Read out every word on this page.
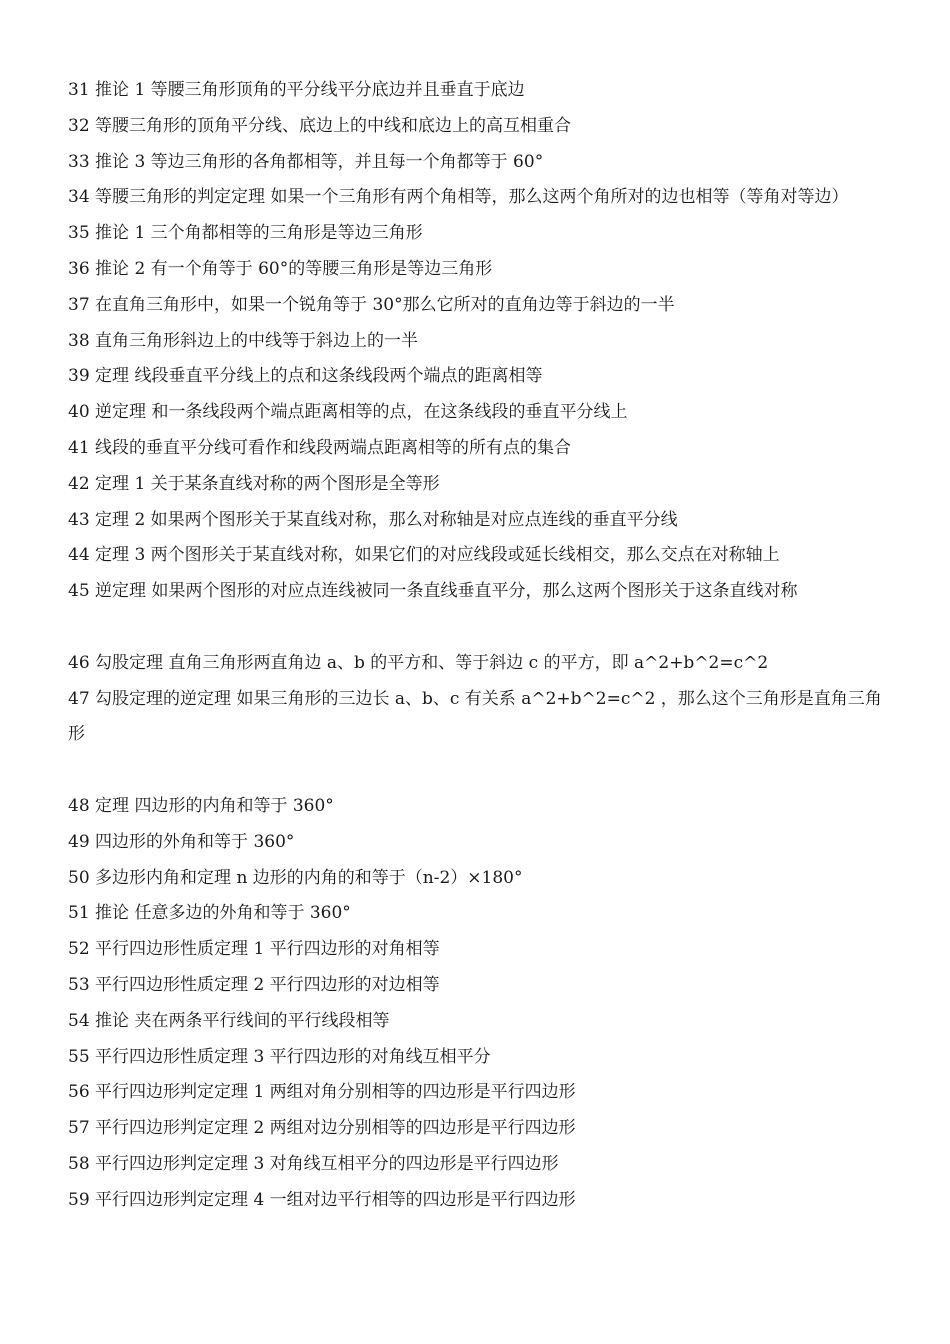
31 推论 1 等腰三角形顶角的平分线平分底边并且垂直于底边
32 等腰三角形的顶角平分线、底边上的中线和底边上的高互相重合
33 推论 3 等边三角形的各角都相等，并且每一个角都等于 60°
34 等腰三角形的判定定理 如果一个三角形有两个角相等，那么这两个角所对的边也相等（等角对等边）
35 推论 1 三个角都相等的三角形是等边三角形
36 推论 2 有一个角等于 60°的等腰三角形是等边三角形
37 在直角三角形中，如果一个锐角等于 30°那么它所对的直角边等于斜边的一半
38 直角三角形斜边上的中线等于斜边上的一半
39 定理 线段垂直平分线上的点和这条线段两个端点的距离相等
40 逆定理 和一条线段两个端点距离相等的点，在这条线段的垂直平分线上
41 线段的垂直平分线可看作和线段两端点距离相等的所有点的集合
42 定理 1 关于某条直线对称的两个图形是全等形
43 定理 2 如果两个图形关于某直线对称，那么对称轴是对应点连线的垂直平分线
44 定理 3 两个图形关于某直线对称，如果它们的对应线段或延长线相交，那么交点在对称轴上
45 逆定理 如果两个图形的对应点连线被同一条直线垂直平分，那么这两个图形关于这条直线对称
46 勾股定理 直角三角形两直角边 a、b 的平方和、等于斜边 c 的平方，即 a^2+b^2=c^2
47 勾股定理的逆定理 如果三角形的三边长 a、b、c 有关系 a^2+b^2=c^2 ，那么这个三角形是直角三角形
48 定理 四边形的内角和等于 360°
49 四边形的外角和等于 360°
50 多边形内角和定理 n 边形的内角的和等于（n-2）×180°
51 推论 任意多边的外角和等于 360°
52 平行四边形性质定理 1 平行四边形的对角相等
53 平行四边形性质定理 2 平行四边形的对边相等
54 推论 夹在两条平行线间的平行线段相等
55 平行四边形性质定理 3 平行四边形的对角线互相平分
56 平行四边形判定定理 1 两组对角分别相等的四边形是平行四边形
57 平行四边形判定定理 2 两组对边分别相等的四边形是平行四边形
58 平行四边形判定定理 3 对角线互相平分的四边形是平行四边形
59 平行四边形判定定理 4 一组对边平行相等的四边形是平行四边形
